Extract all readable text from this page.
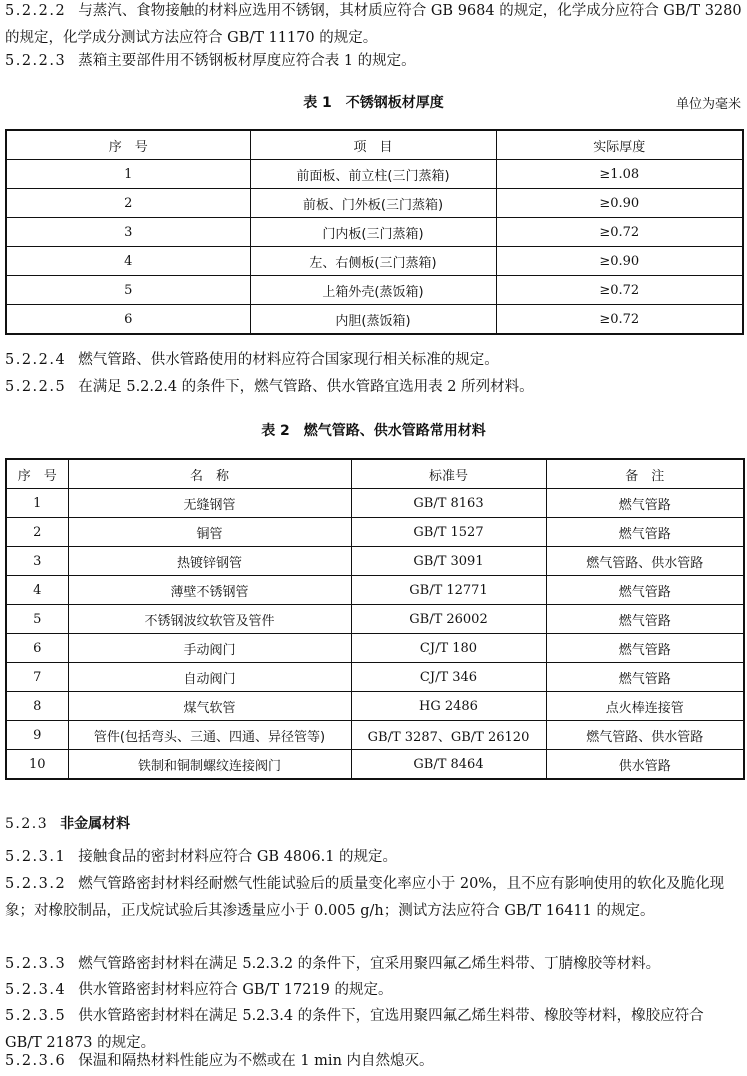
5.2.2.2 与蒸汽、食物接触的材料应选用不锈钢，其材质应符合 GB 9684 的规定，化学成分应符合 GB/T 3280 的规定，化学成分测试方法应符合 GB/T 11170 的规定。

5.2.2.3 蒸箱主要部件用不锈钢板材厚度应符合表 1 的规定。

表 1　不锈钢板材厚度	单位为毫米
序　号	项　目	实际厚度
1	前面板、前立柱(三门蒸箱)	≥1.08
2	前板、门外板(三门蒸箱)	≥0.90
3	门内板(三门蒸箱)	≥0.72
4	左、右侧板(三门蒸箱)	≥0.90
5	上箱外壳(蒸饭箱)	≥0.72
6	内胆(蒸饭箱)	≥0.72

5.2.2.4 燃气管路、供水管路使用的材料应符合国家现行相关标准的规定。

5.2.2.5 在满足 5.2.2.4 的条件下，燃气管路、供水管路宜选用表 2 所列材料。

表 2　燃气管路、供水管路常用材料
序　号	名　称	标准号	备　注
1	无缝钢管	GB/T 8163	燃气管路
2	铜管	GB/T 1527	燃气管路
3	热镀锌钢管	GB/T 3091	燃气管路、供水管路
4	薄壁不锈钢管	GB/T 12771	燃气管路
5	不锈钢波纹软管及管件	GB/T 26002	燃气管路
6	手动阀门	CJ/T 180	燃气管路
7	自动阀门	CJ/T 346	燃气管路
8	煤气软管	HG 2486	点火棒连接管
9	管件(包括弯头、三通、四通、异径管等)	GB/T 3287、GB/T 26120	燃气管路、供水管路
10	铁制和铜制螺纹连接阀门	GB/T 8464	供水管路
5.2.3 非金属材料

5.2.3.1 接触食品的密封材料应符合 GB 4806.1 的规定。

5.2.3.2 燃气管路密封材料经耐燃气性能试验后的质量变化率应小于 20%，且不应有影响使用的软化及脆化现象；对橡胶制品，正戊烷试验后其渗透量应小于 0.005 g/h；测试方法应符合 GB/T 16411 的规定。

5.2.3.3 燃气管路密封材料在满足 5.2.3.2 的条件下，宜采用聚四氟乙烯生料带、丁腈橡胶等材料。

5.2.3.4 供水管路密封材料应符合 GB/T 17219 的规定。

5.2.3.5 供水管路密封材料在满足 5.2.3.4 的条件下，宜选用聚四氟乙烯生料带、橡胶等材料，橡胶应符合 GB/T 21873 的规定。

5.2.3.6 保温和隔热材料性能应为不燃或在 1 min 内自然熄灭。
